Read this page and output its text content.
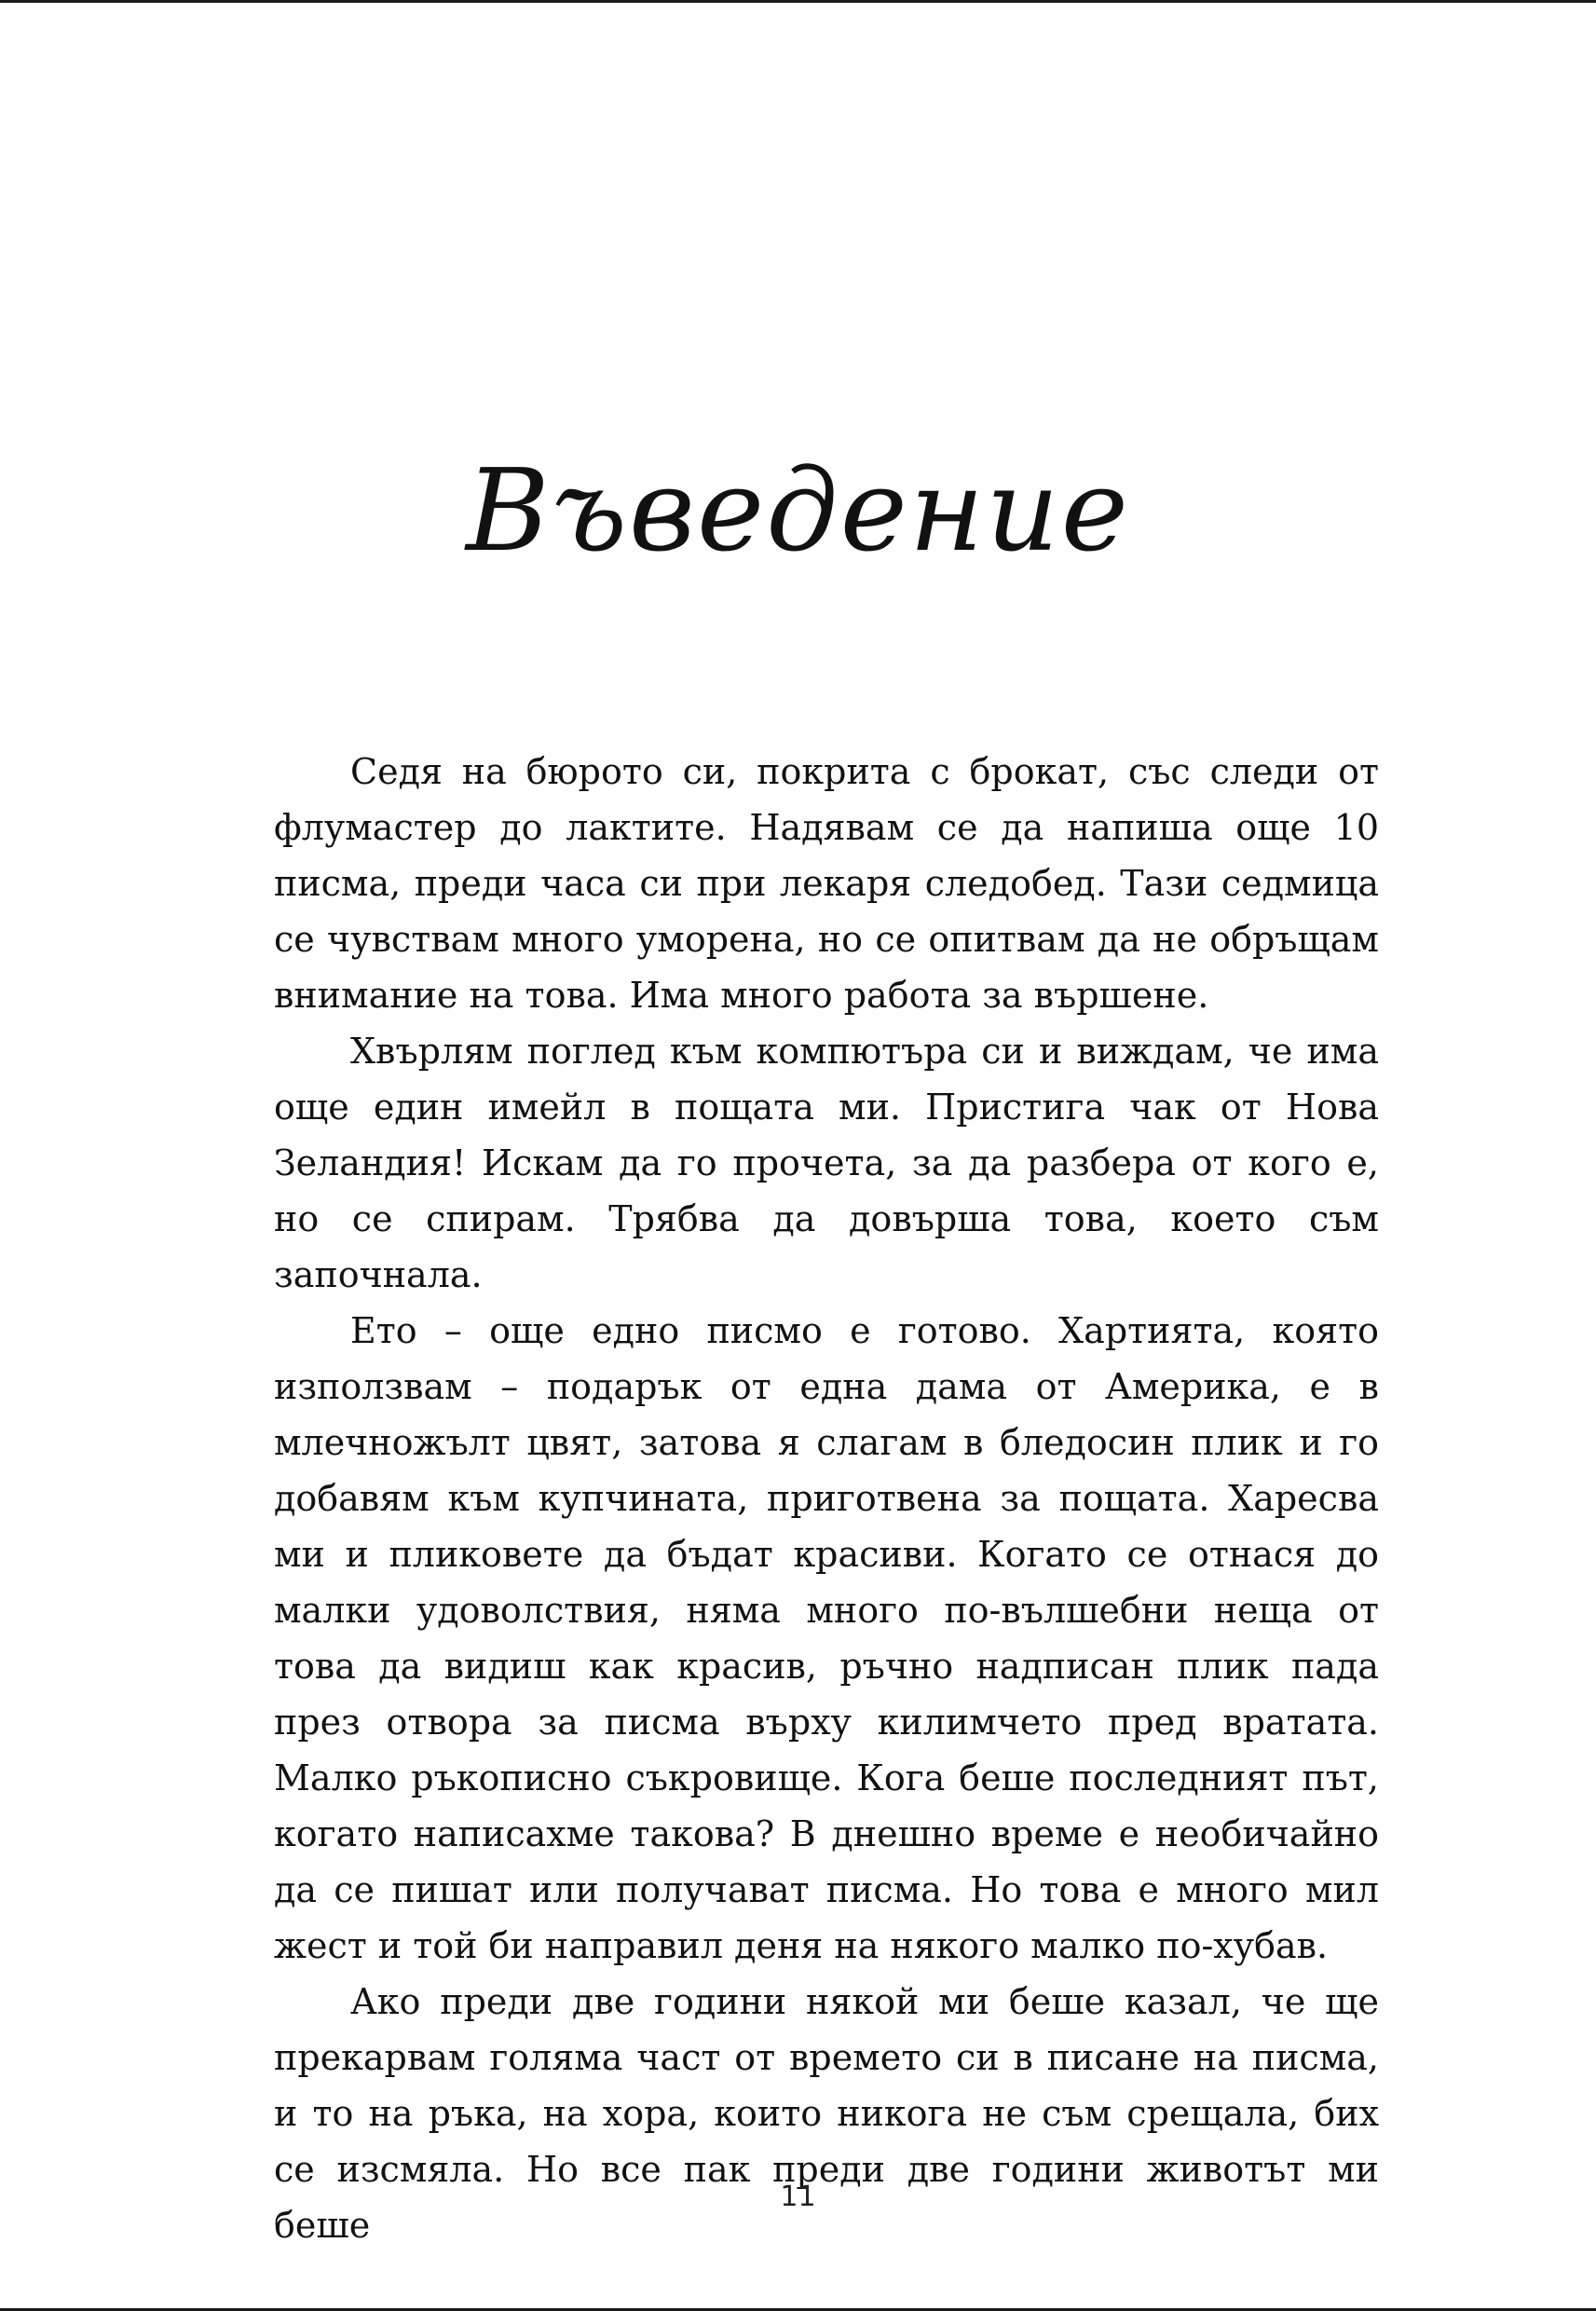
Въведение

Седя на бюрото си, покрита с брокат, със следи от флумастер до лактите. Надявам се да напиша още 10 писма, преди часа си при лекаря следобед. Тази седмица се чувствам много уморена, но се опитвам да не обръщам внимание на това. Има много работа за вършене.

Хвърлям поглед към компютъра си и виждам, че има още един имейл в пощата ми. Пристига чак от Нова Зеландия! Искам да го прочета, за да разбера от кого е, но се спирам. Трябва да довърша това, което съм започнала.

Ето – още едно писмо е готово. Хартията, която използвам – подарък от една дама от Америка, е в млечножълт цвят, затова я слагам в бледосин плик и го добавям към купчината, приготвена за пощата. Харесва ми и пликовете да бъдат красиви. Когато се отнася до малки удоволствия, няма много по-вълшебни неща от това да видиш как красив, ръчно надписан плик пада през отвора за писма върху килимчето пред вратата. Малко ръкописно съкровище. Кога беше последният път, когато написахме такова? В днешно време е необичайно да се пишат или получават писма. Но това е много мил жест и той би направил деня на някого малко по-хубав.

Ако преди две години някой ми беше казал, че ще прекарвам голяма част от времето си в писане на писма, и то на ръка, на хора, които никога не съм срещала, бих се изсмяла. Но все пак преди две години животът ми беше

11
